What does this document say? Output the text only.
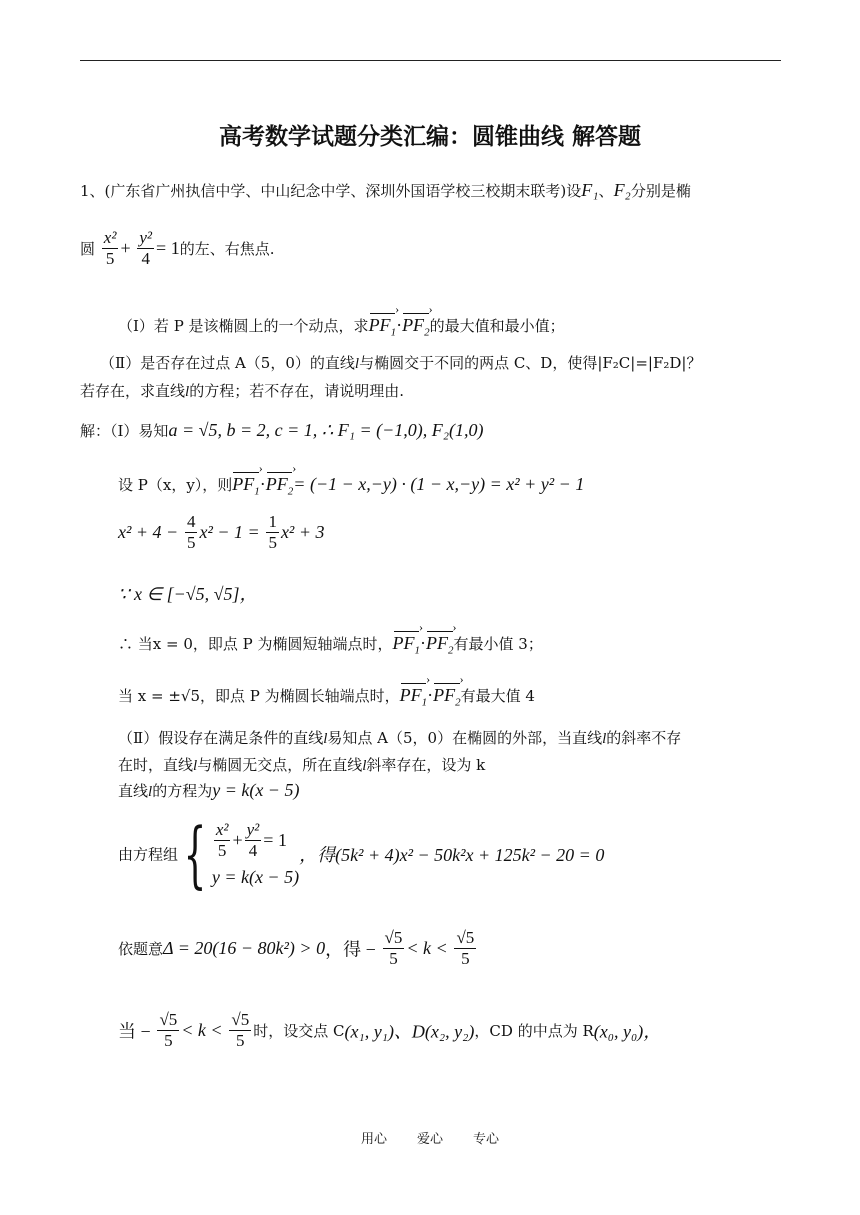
高考数学试题分类汇编：圆锥曲线 解答题
1、(广东省广州执信中学、中山纪念中学、深圳外国语学校三校期末联考)设F₁、F₂分别是椭
圆 $\frac{\text{x²}}{5} + \frac{\text{y²}}{4} = 1$的左、右焦点.
（Ⅰ）若 P 是该椭圆上的一个动点，求$PF_1$ $›\cdot PF_2$ ›的最大值和最小值；
（Ⅱ）是否存在过点 A（5，0）的直线l与椭圆交于不同的两点 C、D，使得|F₂C|=|F₂D|？
若存在，求直线l的方程；若不存在，请说明理由.
解：（Ⅰ）易知a = √5, b = 2, c = 1, ∴ F₁ = (−1,0), F₂(1,0)
设 P（x，y），则$PF_1$ $›\cdot PF_2$ ›= (−1 − x,−y) · (1 − x,−y) = x² + y² − 1
$x^2 + 4 - \frac{4}{5} x^2 - 1 = \frac{1}{5} x^2 + 3$
∵ x ∈ [−√5, √5]，
∴ 当x = 0，即点 P 为椭圆短轴端点时，$PF_1$ $›\cdot PF_2$ ›有最小值 3；
当 x = ±√5，即点 P 为椭圆长轴端点时，$PF_1$ $›\cdot PF_2$ ›有最大值 4
（Ⅱ）假设存在满足条件的直线l易知点 A（5，0）在椭圆的外部，当直线l的斜率不存
在时，直线l与椭圆无交点，所在直线l斜率存在，设为 k
直线l的方程为y = k(x − 5)
由方程组{ $\frac{\text{x²}}{5} + \frac{\text{y²}}{4} = 1$
y = k(x − 5)
，得(5k² + 4)x² − 50k²x + 125k² − 20 = 0
依题意Δ = 20(16 − 80k²) > 0，得 − $\frac{√5}{5} < k < \frac{√5}{5}$
当 − $\frac{√5}{5} < k < \frac{√5}{5}$ 时，设交点 C(x₁, y₁)、D(x₂, y₂)，CD 的中点为 R(x₀, y₀)，
用心 爱心 专心
